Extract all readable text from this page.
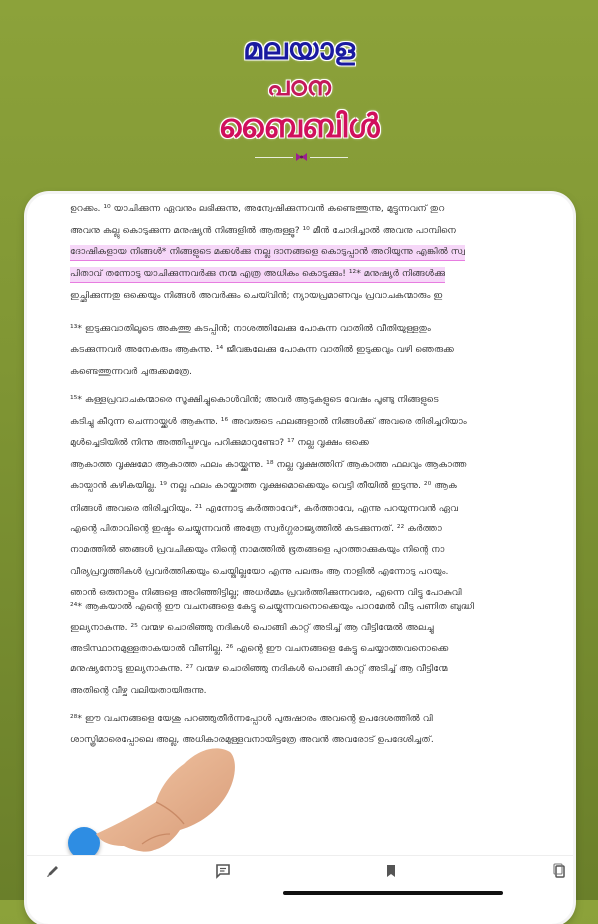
മലയാള
പഠന
ബൈബിൾ
ഉറക്കം. ¹⁰ യാചിക്കുന്ന ഏവനും ലഭിക്കുന്നു, അന്വേഷിക്കുന്നവൻ കണ്ടെത്തുന്നു, മുട്ടുന്നവന് തുറ
അവനു കല്ലു കൊടുക്കുന്ന മനുഷ്യൻ നിങ്ങളിൽ ആരുള്ളൂ? ¹⁰ മീൻ ചോദിച്ചാൽ അവനു പാമ്പിനെ
ദോഷികളായ നിങ്ങൾ* നിങ്ങളുടെ മക്കൾക്കു നല്ല ദാനങ്ങളെ കൊടുപ്പാൻ അറിയുന്നു എങ്കിൽ സ്വ
പിതാവ് തന്നോടു യാചിക്കുന്നവർക്കു നന്മ എത്ര അധികം കൊടുക്കും! ¹²* മനുഷ്യർ നിങ്ങൾക്കു
ഇച്ഛിക്കുന്നതു ഒക്കെയും നിങ്ങൾ അവർക്കും ചെയ്‍വിൻ; ന്യായപ്രമാണവും പ്രവാചകന്മാരും ഇ
¹³* ഇടുക്കുവാതിലൂടെ അകത്തു കടപ്പിൻ; നാശത്തിലേക്കു പോകുന്ന വാതിൽ വീതിയുള്ളതും
കടക്കുന്നവർ അനേകരും ആകുന്നു. ¹⁴ ജീവങ്കലേക്കു പോകുന്ന വാതിൽ ഇടുക്കവും വഴി ഞെരുക്ക
കണ്ടെത്തുന്നവർ ചുരുക്കമത്രേ.
¹⁵* കള്ളപ്രവാചകന്മാരെ സൂക്ഷിച്ചുകൊൾവിൻ; അവർ ആടുകളുടെ വേഷം പൂണ്ടു നിങ്ങളുടെ
കടിച്ചു കീറുന്ന ചെന്നായ്ക്കൾ ആകുന്നു. ¹⁶ അവരുടെ ഫലങ്ങളാൽ നിങ്ങൾക്ക് അവരെ തിരിച്ചറിയാം
മുൾച്ചെടിയിൽ നിന്നു അത്തിപ്പഴവും പറിക്കുമാറുണ്ടോ? ¹⁷ നല്ല വൃക്ഷം ഒക്കെ
ആകാത്ത വൃക്ഷമോ ആകാത്ത ഫലം കായ്ക്കുന്നു. ¹⁸ നല്ല വൃക്ഷത്തിന് ആകാത്ത ഫലവും ആകാത്ത
കായ്പാൻ കഴികയില്ല. ¹⁹ നല്ല ഫലം കായ്ക്കാത്ത വൃക്ഷമൊക്കെയും വെട്ടി തീയിൽ ഇടുന്നു. ²⁰ ആക
നിങ്ങൾ അവരെ തിരിച്ചറിയും. ²¹ എന്നോടു കർത്താവേ*, കർത്താവേ, എന്നു പറയുന്നവൻ ഏവ
എന്റെ പിതാവിന്റെ ഇഷ്ടം ചെയ്യുന്നവൻ അത്രേ സ്വർഗ്ഗരാജ്യത്തിൽ കടക്കുന്നത്. ²² കർത്താ
നാമത്തിൽ ഞങ്ങൾ പ്രവചിക്കയും നിന്റെ നാമത്തിൽ ഭൂതങ്ങളെ പുറത്താക്കുകയും നിന്റെ നാ
വീര്യപ്രവൃത്തികൾ പ്രവർത്തിക്കയും ചെയ്തില്ലയോ എന്നു പലരും ആ നാളിൽ എന്നോടു പറയും.
ഞാൻ ഒരുനാളും നിങ്ങളെ അറിഞ്ഞിട്ടില്ല; അധർമ്മം പ്രവർത്തിക്കുന്നവരേ, എന്നെ വിട്ടു പോകുവി
²⁴* ആകയാൽ എന്റെ ഈ വചനങ്ങളെ കേട്ടു ചെയ്യുന്നവനൊക്കെയും പാറമേൽ വീടു പണിത ബുദ്ധി
ഇല്യനാകുന്നു. ²⁵ വന്മഴ ചൊരിഞ്ഞു നദികൾ പൊങ്ങി കാറ്റ് അടിച്ച് ആ വീട്ടിന്മേൽ അലച്ചു
അടിസ്ഥാനമുള്ളതാകയാൽ വീണില്ല. ²⁶ എന്റെ ഈ വചനങ്ങളെ കേട്ടു ചെയ്യാത്തവനൊക്കെ
മനുഷ്യനോടു ഇല്യനാകുന്നു. ²⁷ വന്മഴ ചൊരിഞ്ഞു നദികൾ പൊങ്ങി കാറ്റ് അടിച്ച് ആ വീട്ടിന്മേ
അതിന്റെ വീഴ്ച വലിയതായിരുന്നു.
²⁸* ഈ വചനങ്ങളെ യേശു പറഞ്ഞുതീർന്നപ്പോൾ പുരുഷാരം അവന്റെ ഉപദേശത്തിൽ വി
ശാസ്ത്രിമാരെപ്പോലെ അല്ല, അധികാരമുള്ളവനായിട്ടത്രേ അവൻ അവരോട് ഉപദേശിച്ചത്.
